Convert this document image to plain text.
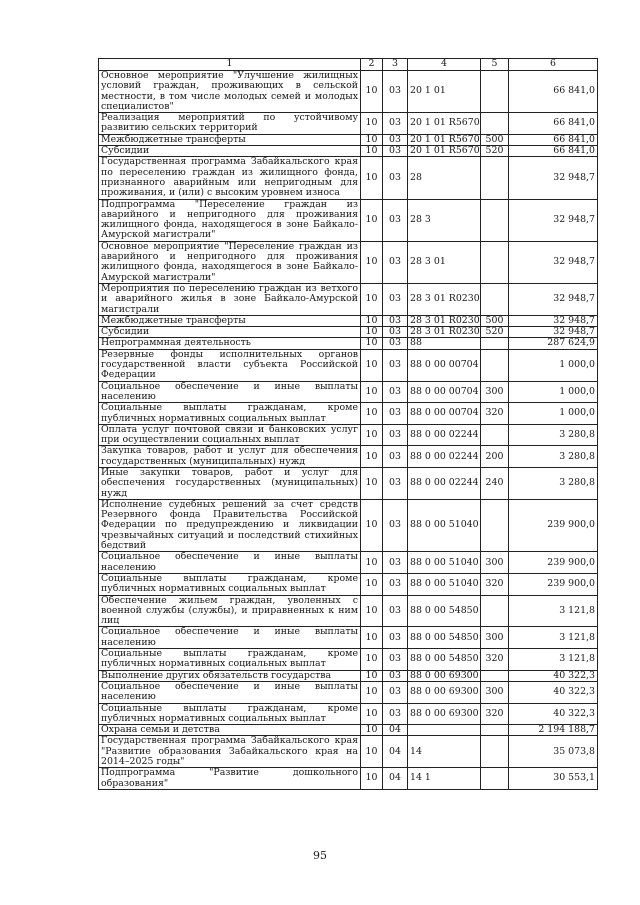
1	2	3	4	5	6
Основное мероприятие "Улучшение жилищных условий граждан, проживающих в сельской местности, в том числе молодых семей и молодых специалистов"	10	03	20 1 01		66 841,0
Реализация мероприятий по устойчивому развитию сельских территорий	10	03	20 1 01 R5670		66 841,0
Межбюджетные трансферты	10	03	20 1 01 R5670	500	66 841,0
Субсидии	10	03	20 1 01 R5670	520	66 841,0
Государственная программа Забайкальского края по переселению граждан из жилищного фонда, признанного аварийным или непригодным для проживания, и (или) с высоким уровнем износа	10	03	28		32 948,7
Подпрограмма "Переселение граждан из аварийного и непригодного для проживания жилищного фонда, находящегося в зоне Байкало-Амурской магистрали"	10	03	28 3		32 948,7
Основное мероприятие "Переселение граждан из аварийного и непригодного для проживания жилищного фонда, находящегося в зоне Байкало-Амурской магистрали"	10	03	28 3 01		32 948,7
Мероприятия по переселению граждан из ветхого и аварийного жилья в зоне Байкало-Амурской магистрали	10	03	28 3 01 R0230		32 948,7
Межбюджетные трансферты	10	03	28 3 01 R0230	500	32 948,7
Субсидии	10	03	28 3 01 R0230	520	32 948,7
Непрограммная деятельность	10	03	88		287 624,9
Резервные фонды исполнительных органов государственной власти субъекта Российской Федерации	10	03	88 0 00 00704		1 000,0
Социальное обеспечение и иные выплаты населению	10	03	88 0 00 00704	300	1 000,0
Социальные выплаты гражданам, кроме публичных нормативных социальных выплат	10	03	88 0 00 00704	320	1 000,0
Оплата услуг почтовой связи и банковских услуг при осуществлении социальных выплат	10	03	88 0 00 02244		3 280,8
Закупка товаров, работ и услуг для обеспечения государственных (муниципальных) нужд	10	03	88 0 00 02244	200	3 280,8
Иные закупки товаров, работ и услуг для обеспечения государственных (муниципальных) нужд	10	03	88 0 00 02244	240	3 280,8
Исполнение судебных решений за счет средств Резервного фонда Правительства Российской Федерации по предупреждению и ликвидации чрезвычайных ситуаций и последствий стихийных бедствий	10	03	88 0 00 51040		239 900,0
Социальное обеспечение и иные выплаты населению	10	03	88 0 00 51040	300	239 900,0
Социальные выплаты гражданам, кроме публичных нормативных социальных выплат	10	03	88 0 00 51040	320	239 900,0
Обеспечение жильем граждан, уволенных с военной службы (службы), и приравненных к ним лиц	10	03	88 0 00 54850		3 121,8
Социальное обеспечение и иные выплаты населению	10	03	88 0 00 54850	300	3 121,8
Социальные выплаты гражданам, кроме публичных нормативных социальных выплат	10	03	88 0 00 54850	320	3 121,8
Выполнение других обязательств государства	10	03	88 0 00 69300		40 322,3
Социальное обеспечение и иные выплаты населению	10	03	88 0 00 69300	300	40 322,3
Социальные выплаты гражданам, кроме публичных нормативных социальных выплат	10	03	88 0 00 69300	320	40 322,3
Охрана семьи и детства	10	04			2 194 188,7
Государственная программа Забайкальского края "Развитие образования Забайкальского края на 2014–2025 годы"	10	04	14		35 073,8
Подпрограмма "Развитие дошкольного образования"	10	04	14 1		30 553,1
95
